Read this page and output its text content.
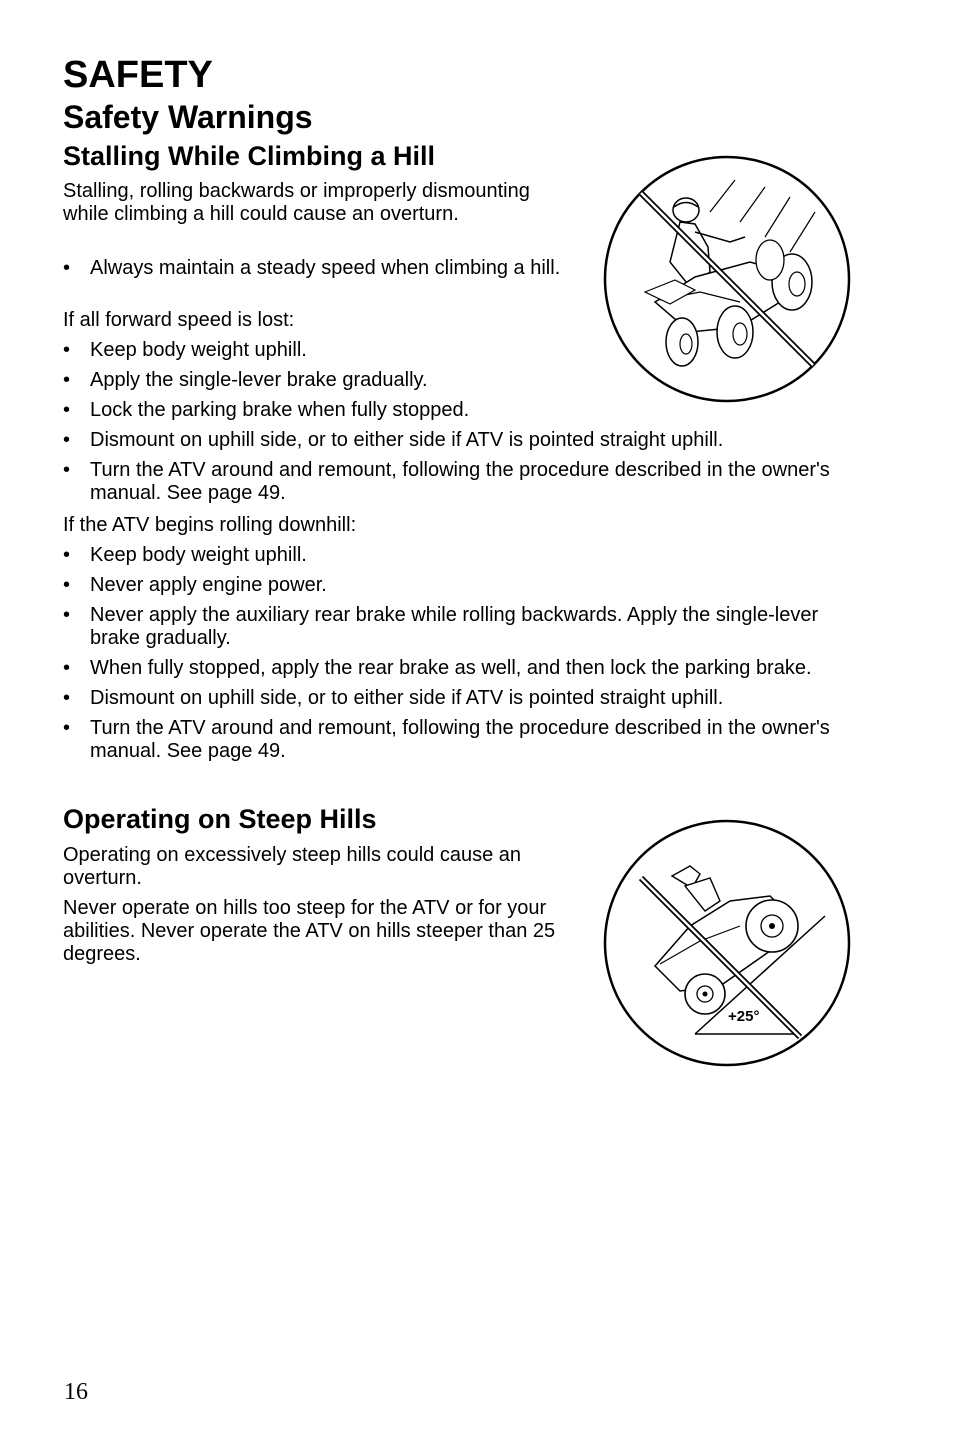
SAFETY
Safety Warnings
Stalling While Climbing a Hill

Stalling, rolling backwards or improperly dismounting while climbing a hill could cause an overturn.

• Always maintain a steady speed when climbing a hill.

If all forward speed is lost:

• Keep body weight uphill.
• Apply the single-lever brake gradually.
• Lock the parking brake when fully stopped.
• Dismount on uphill side, or to either side if ATV is pointed straight uphill.
• Turn the ATV around and remount, following the procedure described in the owner's manual. See page 49.

If the ATV begins rolling downhill:

• Keep body weight uphill.
• Never apply engine power.
• Never apply the auxiliary rear brake while rolling backwards. Apply the single-lever brake gradually.
• When fully stopped, apply the rear brake as well, and then lock the parking brake.
• Dismount on uphill side, or to either side if ATV is pointed straight uphill.
• Turn the ATV around and remount, following the procedure described in the owner's manual. See page 49.
Operating on Steep Hills

Operating on excessively steep hills could cause an overturn.

Never operate on hills too steep for the ATV or for your abilities. Never operate the ATV on hills steeper than 25 degrees.

+25°
16
